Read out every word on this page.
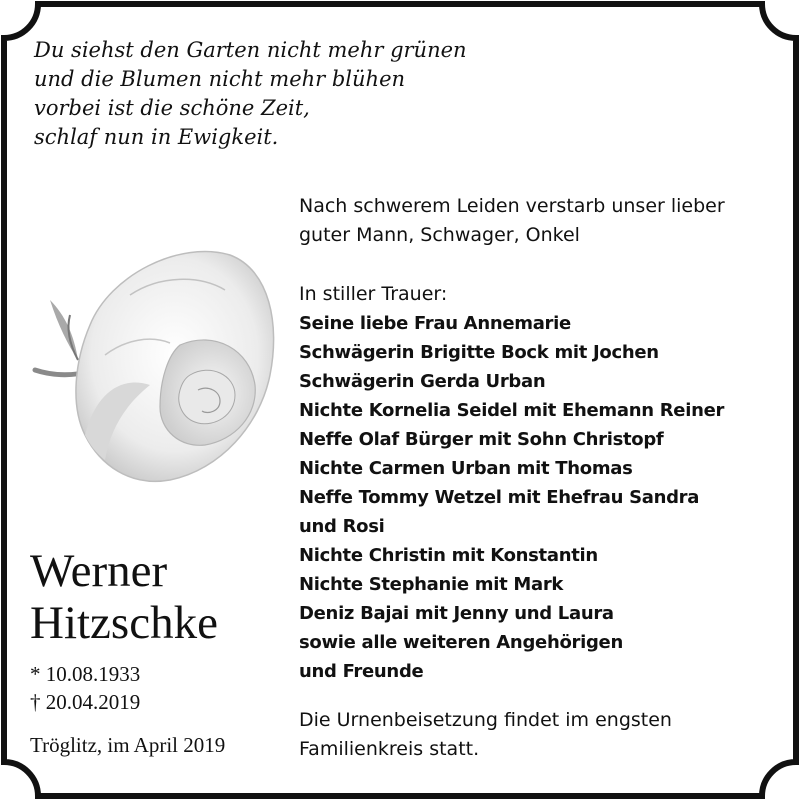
Du siehst den Garten nicht mehr grünen
und die Blumen nicht mehr blühen
vorbei ist die schöne Zeit,
schlaf nun in Ewigkeit.
Werner
Hitzschke
* 10.08.1933
† 20.04.2019
Tröglitz, im April 2019
Nach schwerem Leiden verstarb unser lieber
guter Mann, Schwager, Onkel
In stiller Trauer:
Seine liebe Frau Annemarie
Schwägerin Brigitte Bock mit Jochen
Schwägerin Gerda Urban
Nichte Kornelia Seidel mit Ehemann Reiner
Neffe Olaf Bürger mit Sohn Christopf
Nichte Carmen Urban mit Thomas
Neffe Tommy Wetzel mit Ehefrau Sandra
und Rosi
Nichte Christin mit Konstantin
Nichte Stephanie mit Mark
Deniz Bajai mit Jenny und Laura
sowie alle weiteren Angehörigen
und Freunde
Die Urnenbeisetzung findet im engsten
Familienkreis statt.
